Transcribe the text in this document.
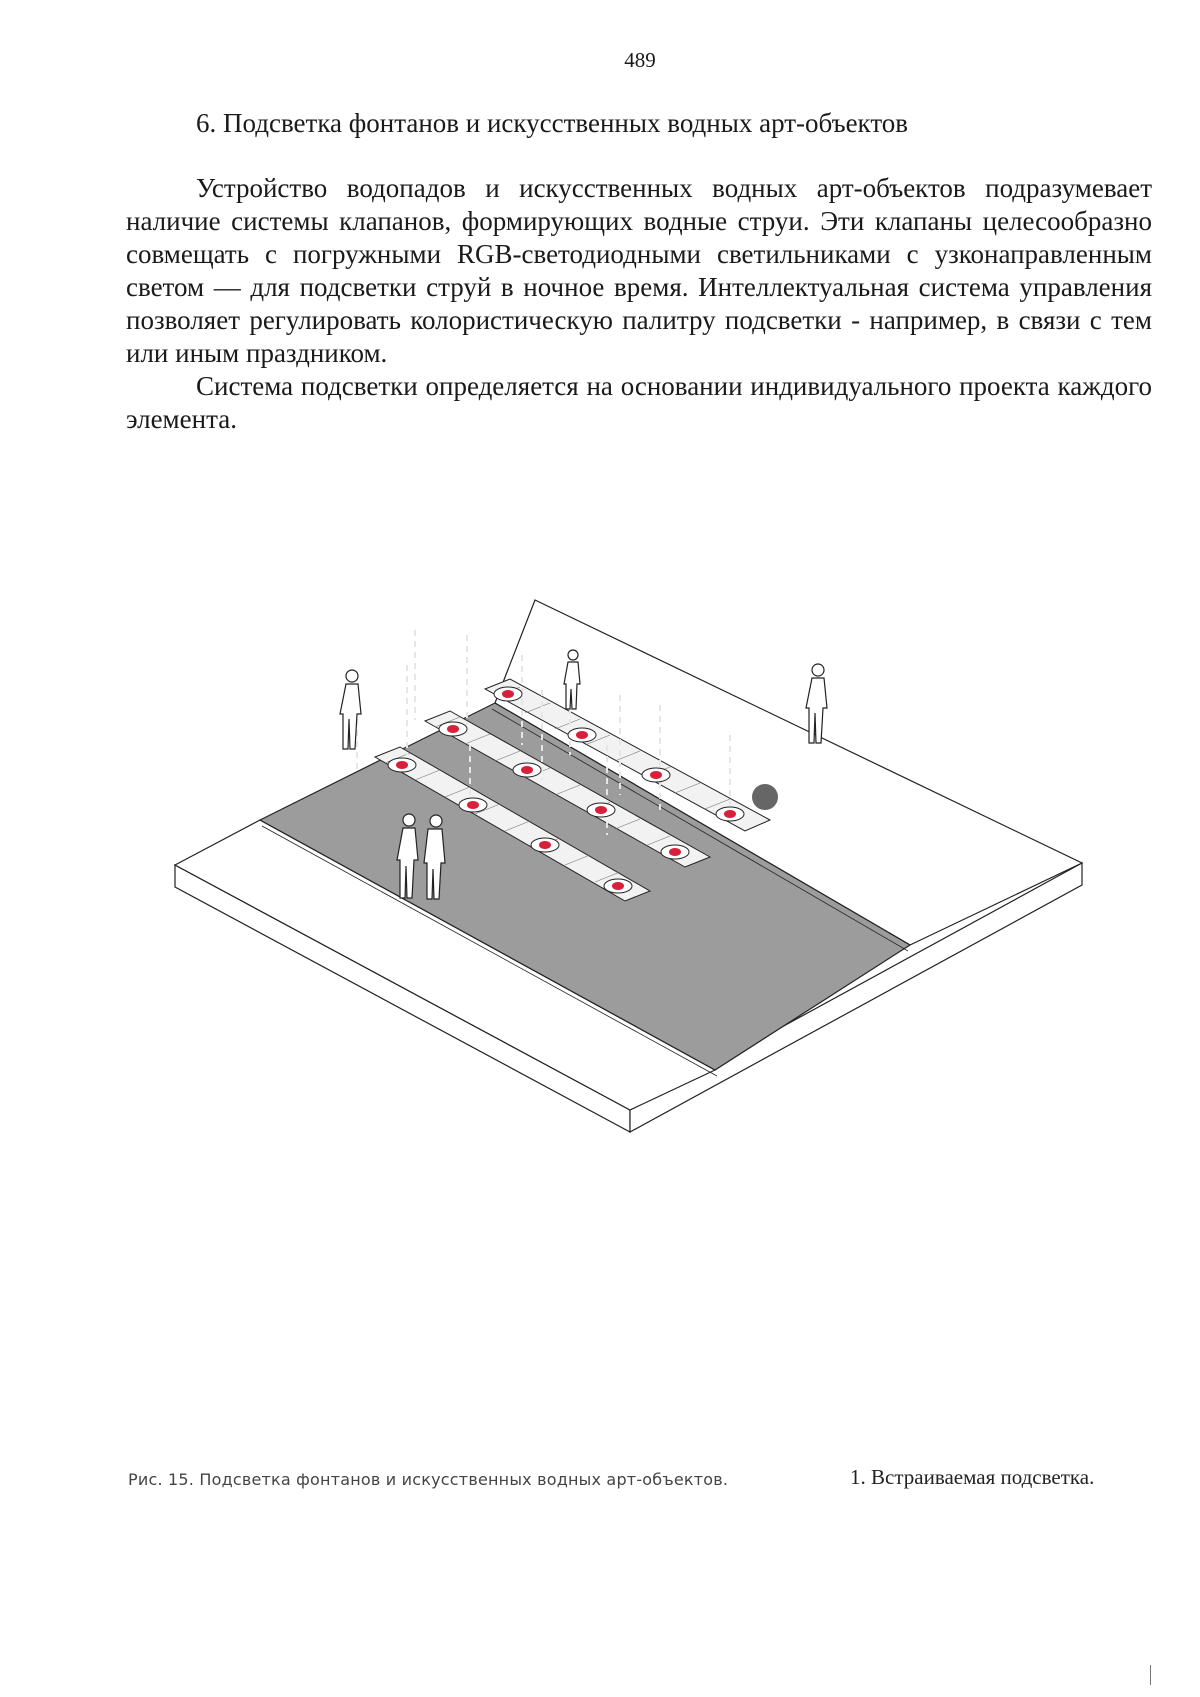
489
6. Подсветка фонтанов и искусственных водных арт-объектов

Устройство водопадов и искусственных водных арт-объектов подразумевает наличие системы клапанов, формирующих водные струи. Эти клапаны целесообразно совмещать с погружными RGB-светодиодными светильниками с узконаправленным светом — для подсветки струй в ночное время. Интеллектуальная система управления позволяет регулировать колористическую палитру подсветки - например, в связи с тем или иным праздником.

Система подсветки определяется на основании индивидуального проекта каждого элемента.

Рис. 15. Подсветка фонтанов и искусственных водных арт-объектов.	1. Встраиваемая подсветка.
